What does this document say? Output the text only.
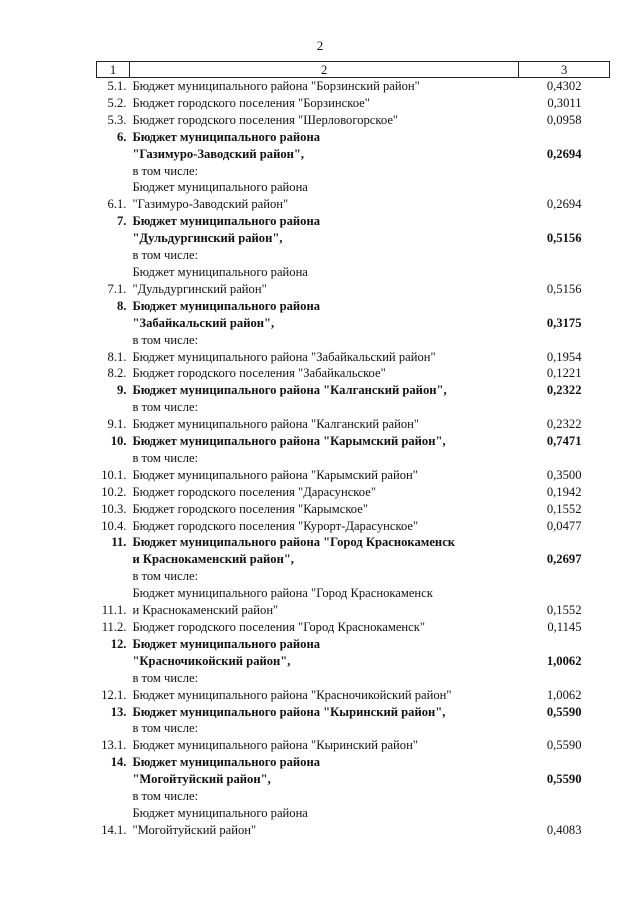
2
1	2	3
5.1.	Бюджет муниципального района "Борзинский район"	0,4302
5.2.	Бюджет городского поселения "Борзинское"	0,3011
5.3.	Бюджет городского поселения "Шерловогорское"	0,0958
6.	Бюджет муниципального района
"Газимуро-Заводский район",	0,2694
	в том числе:	
6.1.	Бюджет муниципального района
"Газимуро-Заводский район"	0,2694
7.	Бюджет муниципального района
"Дульдургинский район",	0,5156
	в том числе:	
7.1.	Бюджет муниципального района
"Дульдургинский район"	0,5156
8.	Бюджет муниципального района
"Забайкальский район",	0,3175
	в том числе:	
8.1.	Бюджет муниципального района "Забайкальский район"	0,1954
8.2.	Бюджет городского поселения "Забайкальское"	0,1221
9.	Бюджет муниципального района "Калганский район",	0,2322
	в том числе:	
9.1.	Бюджет муниципального района "Калганский район"	0,2322
10.	Бюджет муниципального района "Карымский район",	0,7471
	в том числе:	
10.1.	Бюджет муниципального района "Карымский район"	0,3500
10.2.	Бюджет городского поселения "Дарасунское"	0,1942
10.3.	Бюджет городского поселения "Карымское"	0,1552
10.4.	Бюджет городского поселения "Курорт-Дарасунское"	0,0477
11.	Бюджет муниципального района "Город Краснокаменск
и Краснокаменский район",	0,2697
	в том числе:	
11.1.	Бюджет муниципального района "Город Краснокаменск
и Краснокаменский район"	0,1552
11.2.	Бюджет городского поселения "Город Краснокаменск"	0,1145
12.	Бюджет муниципального района
"Красночикойский район",	1,0062
	в том числе:	
12.1.	Бюджет муниципального района "Красночикойский район"	1,0062
13.	Бюджет муниципального района "Кыринский район",	0,5590
	в том числе:	
13.1.	Бюджет муниципального района "Кыринский район"	0,5590
14.	Бюджет муниципального района
"Могойтуйский район",	0,5590
	в том числе:	
14.1.	Бюджет муниципального района
"Могойтуйский район"	0,4083
